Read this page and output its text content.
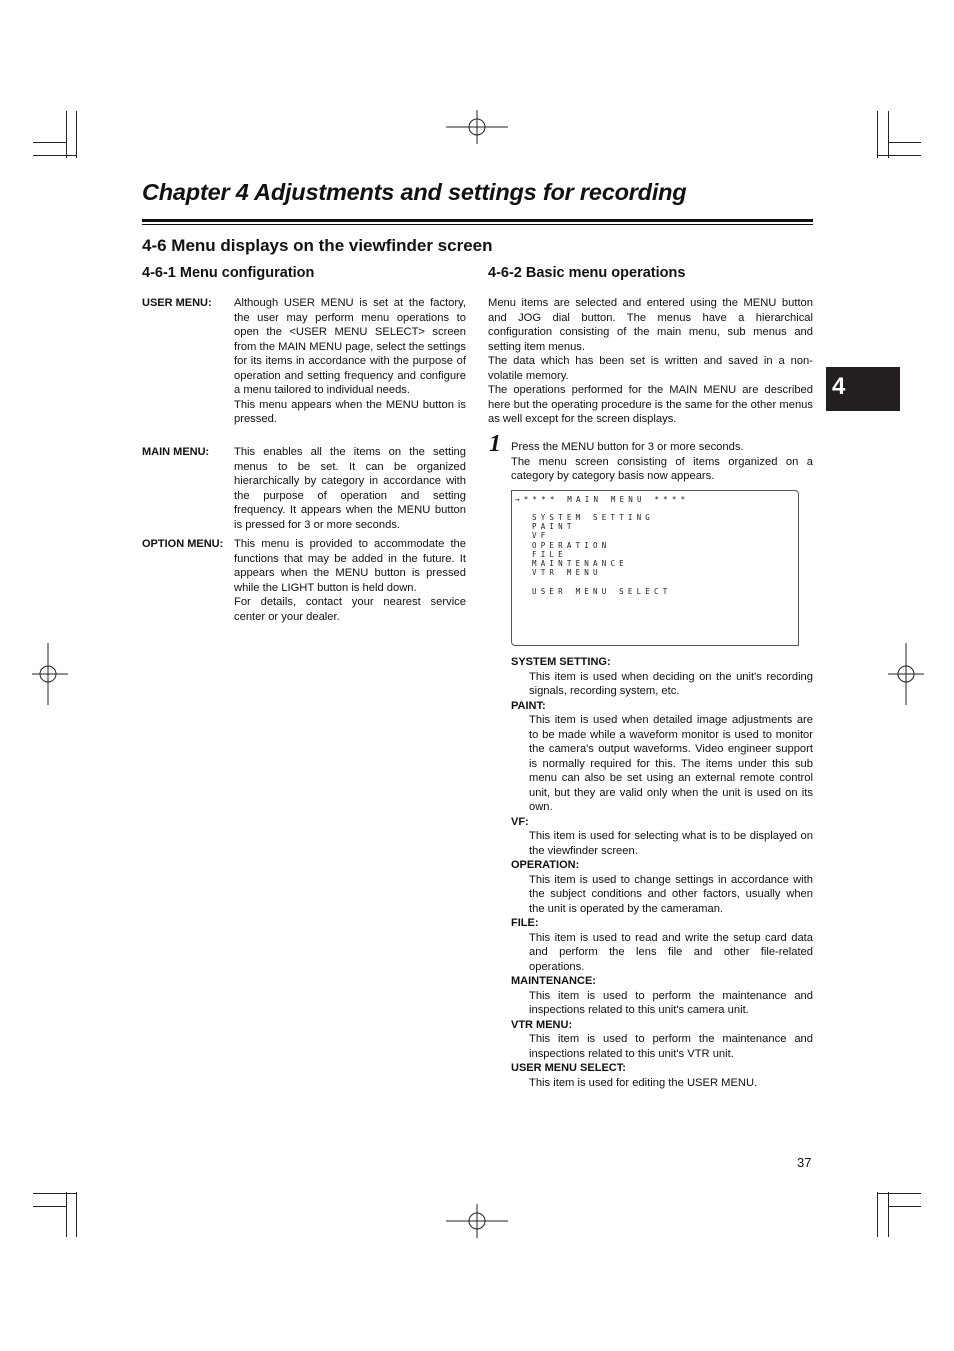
Chapter 4 Adjustments and settings for recording
4-6 Menu displays on the viewfinder screen
4-6-1 Menu configuration	4-6-2 Basic menu operations
USER MENU: Although USER MENU is set at the factory, the user may perform menu operations to open the <USER MENU SELECT> screen from the MAIN MENU page, select the settings for its items in accordance with the purpose of operation and setting frequency and configure a menu tailored to individual needs.

This menu appears when the MENU button is pressed.

MAIN MENU: This enables all the items on the setting menus to be set. It can be organized hierarchically by category in accordance with the purpose of operation and setting frequency. It appears when the MENU button is pressed for 3 or more seconds.

OPTION MENU: This menu is provided to accommodate the functions that may be added in the future. It appears when the MENU button is pressed while the LIGHT button is held down.

For details, contact your nearest service center or your dealer.

Menu items are selected and entered using the MENU button and JOG dial button. The menus have a hierarchical configuration consisting of the main menu, sub menus and setting item menus.

The data which has been set is written and saved in a non-volatile memory.

The operations performed for the MAIN MENU are described here but the operating procedure is the same for the other menus as well except for the screen displays.

1 Press the MENU button for 3 or more seconds.

The menu screen consisting of items organized on a category by category basis now appears.

→**** MAIN MENU ****
SYSTEM SETTING
PAINT
VF
OPERATION
FILE
MAINTENANCE
VTR MENU
USER MENU SELECT
SYSTEM SETTING:
This item is used when deciding on the unit's recording signals, recording system, etc.
PAINT:
This item is used when detailed image adjustments are to be made while a waveform monitor is used to monitor the camera's output waveforms. Video engineer support is normally required for this. The items under this sub menu can also be set using an external remote control unit, but they are valid only when the unit is used on its own.
VF:
This item is used for selecting what is to be displayed on the viewfinder screen.
OPERATION:
This item is used to change settings in accordance with the subject conditions and other factors, usually when the unit is operated by the cameraman.
FILE:
This item is used to read and write the setup card data and perform the lens file and other file-related operations.
MAINTENANCE:
This item is used to perform the maintenance and inspections related to this unit's camera unit.
VTR MENU:
This item is used to perform the maintenance and inspections related to this unit's VTR unit.
USER MENU SELECT:
This item is used for editing the USER MENU.
4
37
